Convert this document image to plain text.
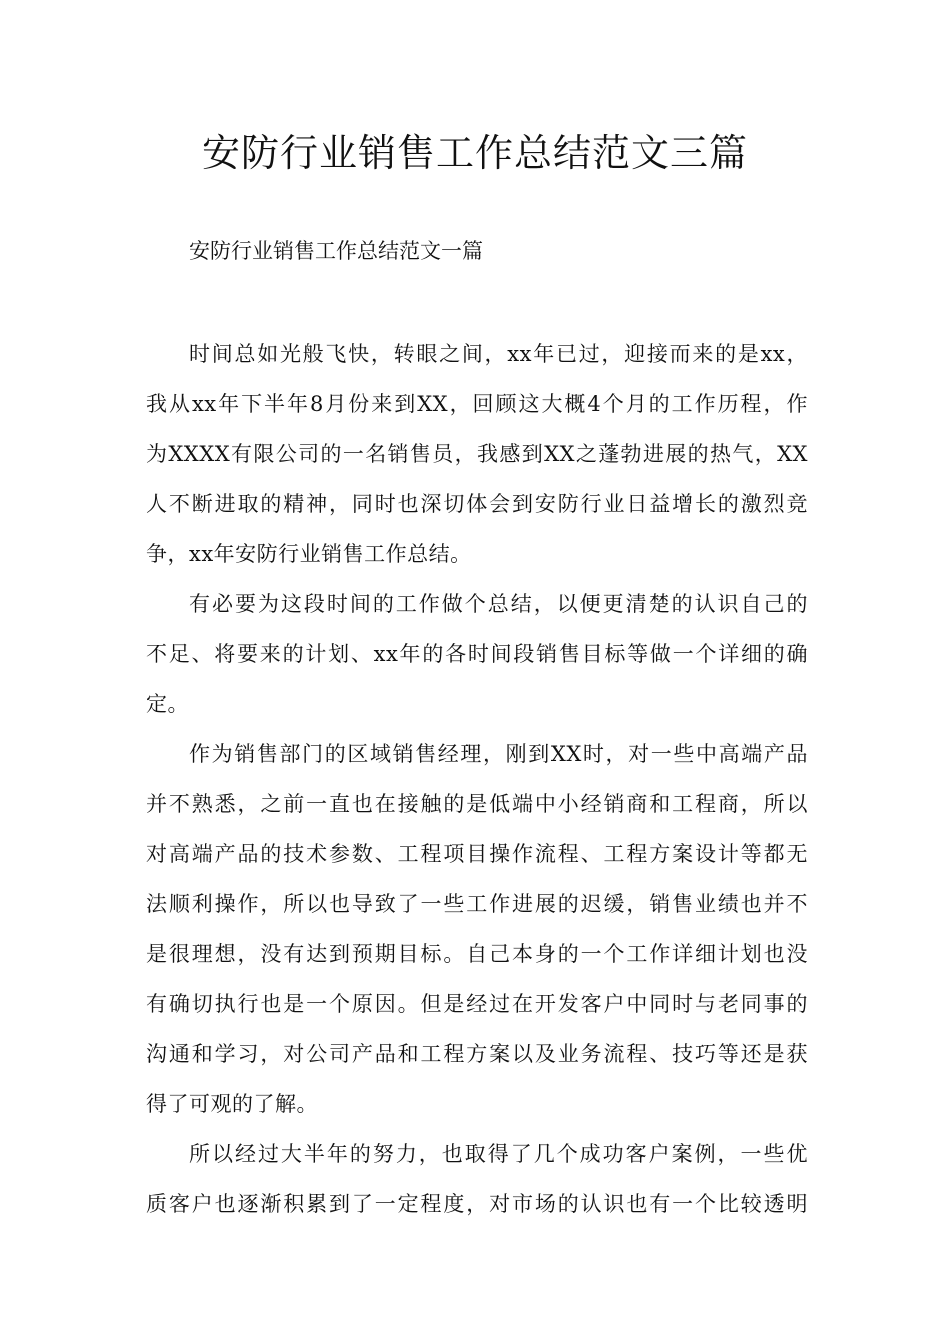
安防行业销售工作总结范文三篇

安防行业销售工作总结范文一篇

时间总如光般飞快，转眼之间，xx年已过，迎接而来的是xx，
我从xx年下半年8月份来到XX，回顾这大概4个月的工作历程，作
为XXXX有限公司的一名销售员，我感到XX之蓬勃进展的热气，XX
人不断进取的精神，同时也深切体会到安防行业日益增长的激烈竞
争，xx年安防行业销售工作总结。

有必要为这段时间的工作做个总结，以便更清楚的认识自己的
不足、将要来的计划、xx年的各时间段销售目标等做一个详细的确
定。

作为销售部门的区域销售经理，刚到XX时，对一些中高端产品
并不熟悉，之前一直也在接触的是低端中小经销商和工程商，所以
对高端产品的技术参数、工程项目操作流程、工程方案设计等都无
法顺利操作，所以也导致了一些工作进展的迟缓，销售业绩也并不
是很理想，没有达到预期目标。自己本身的一个工作详细计划也没
有确切执行也是一个原因。但是经过在开发客户中同时与老同事的
沟通和学习，对公司产品和工程方案以及业务流程、技巧等还是获
得了可观的了解。

所以经过大半年的努力，也取得了几个成功客户案例，一些优
质客户也逐渐积累到了一定程度，对市场的认识也有一个比较透明
